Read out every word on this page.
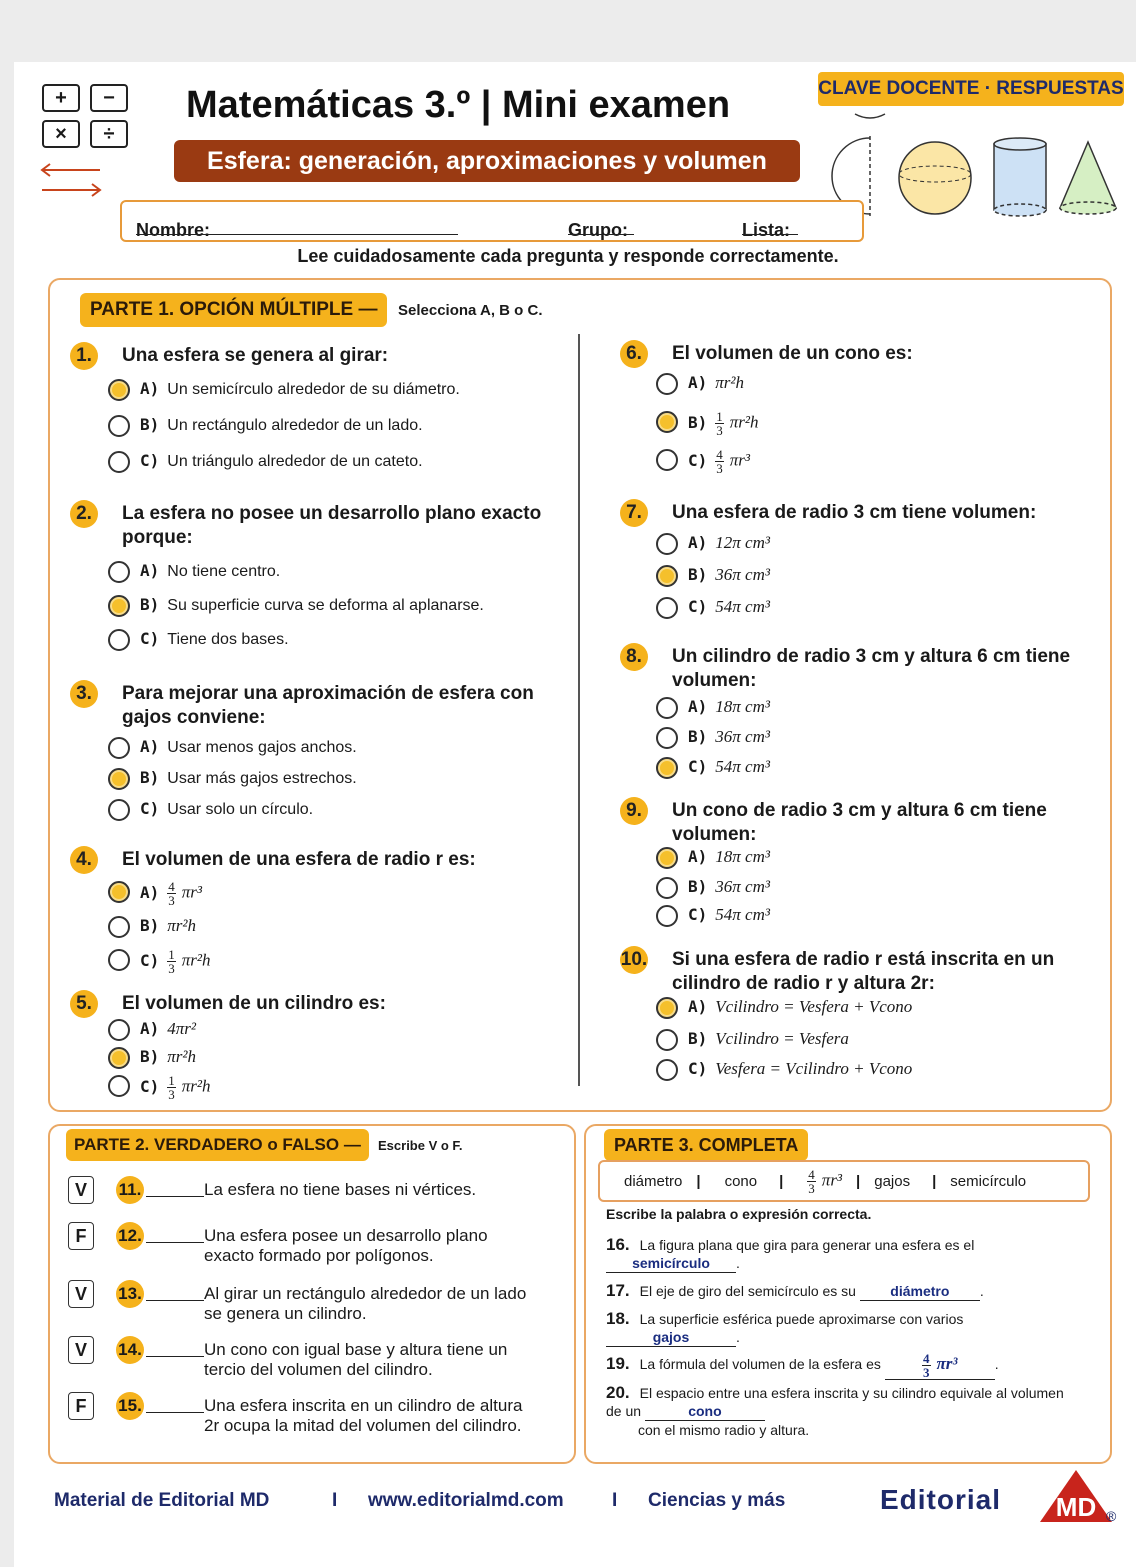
+	−
×	÷
Matemáticas 3.º | Mini examen
Esfera: generación, aproximaciones y volumen
CLAVE DOCENTE · RESPUESTAS
Nombre:	Grupo:	Lista:
Lee cuidadosamente cada pregunta y responde correctamente.
PARTE 1. OPCIÓN MÚLTIPLE —	Selecciona A, B o C.
1.	Una esfera se genera al girar:
A) Un semicírculo alrededor de su diámetro.
B) Un rectángulo alrededor de un lado.
C) Un triángulo alrededor de un cateto.
2.	La esfera no posee un desarrollo plano exacto porque:
A) No tiene centro.
B) Su superficie curva se deforma al aplanarse.
C) Tiene dos bases.
3.	Para mejorar una aproximación de esfera con gajos conviene:
A) Usar menos gajos anchos.
B) Usar más gajos estrechos.
C) Usar solo un círculo.
4.	El volumen de una esfera de radio r es:
$A) \frac{4}{3} \pi r^3$
B) πr²h
$C) \frac{1}{3} \pi r^2h$
5.	El volumen de un cilindro es:
A) 4πr²
B) πr²h
$C) \frac{1}{3} \pi r^2h$
6.	El volumen de un cono es:
A) πr²h
$B) \frac{1}{3} \pi r^2h$
$C) \frac{4}{3} \pi r^3$
7.	Una esfera de radio 3 cm tiene volumen:
A) 12π cm³
B) 36π cm³
C) 54π cm³
8.	Un cilindro de radio 3 cm y altura 6 cm tiene volumen:
A) 18π cm³
B) 36π cm³
C) 54π cm³
9.	Un cono de radio 3 cm y altura 6 cm tiene volumen:
A) 18π cm³
B) 36π cm³
C) 54π cm³
10. Si una esfera de radio r está inscrita en un cilindro de radio r y altura 2r:
A) Vcilindro = Vesfera + Vcono
B) Vcilindro = Vesfera
C) Vesfera = Vcilindro + Vcono
PARTE 2. VERDADERO o FALSO —	Escribe V o F.
V	11.	La esfera no tiene bases ni vértices.
F	12.	Una esfera posee un desarrollo plano exacto formado por polígonos.
V	13.	Al girar un rectángulo alrededor de un lado se genera un cilindro.
V	14.	Un cono con igual base y altura tiene un tercio del volumen del cilindro.
F	15.	Una esfera inscrita en un cilindro de altura 2r ocupa la mitad del volumen del cilindro.
PARTE 3. COMPLETA
diámetro | cono | $\frac{4}{3} \pi r^3$ | gajos | semicírculo
Escribe la palabra o expresión correcta.
16. La figura plana que gira para generar una esfera es el semicírculo .
17. El eje de giro del semicírculo es su diámetro .
18. La superficie esférica puede aproximarse con varios gajos	.
19. La fórmula del volumen de la esfera es	$\frac{4}{3} \pi r^3$	.
20. El espacio entre una esfera inscrita y su cilindro equivale al volumen de un	cono
con el mismo radio y altura.
Material de Editorial MD	I www.editorialmd.com	I Ciencias y más	Editorial MD ®
